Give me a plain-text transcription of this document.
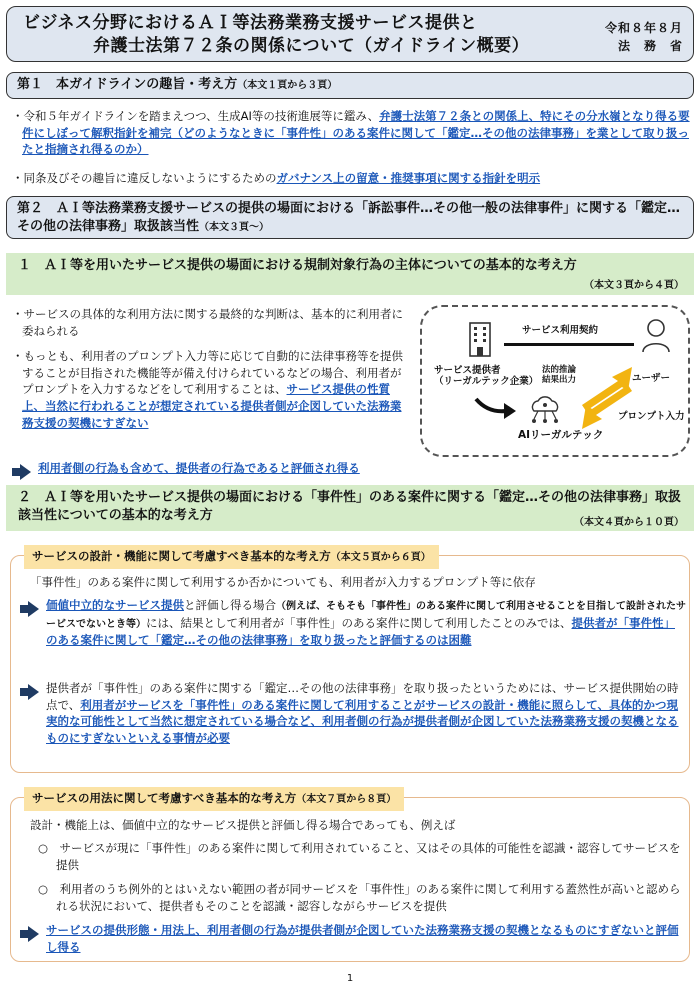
ビジネス分野におけるＡＩ等法務業務支援サービス提供と
弁護士法第７２条の関係について（ガイドライン概要）
令和８年８月
法　務　省
第１　本ガイドラインの趣旨・考え方（本文１頁から３頁）
・令和５年ガイドラインを踏まえつつ、生成AI等の技術進展等に鑑み、弁護士法第７２条との関係上、特にその分水嶺となり得る要件にしぼって解釈指針を補完（どのようなときに「事件性」のある案件に関して「鑑定…その他の法律事務」を業として取り扱ったと指摘され得るのか）
・同条及びその趣旨に違反しないようにするためのガバナンス上の留意・推奨事項に関する指針を明示
第２　ＡＩ等法務業務支援サービスの提供の場面における「訴訟事件…その他一般の法律事件」に関する「鑑定…その他の法律事務」取扱該当性（本文３頁〜）
１　ＡＩ等を用いたサービス提供の場面における規制対象行為の主体についての基本的な考え方
（本文３頁から４頁）
・サービスの具体的な利用方法に関する最終的な判断は、基本的に利用者に委ねられる
・もっとも、利用者のプロンプト入力等に応じて自動的に法律事務等を提供することが目指された機能等が備え付けられているなどの場合、利用者がプロンプトを入力するなどをして利用することは、サービス提供の性質上、当然に行われることが想定されている提供者側が企図していた法務業務支援の契機にすぎない
サービス利用契約
サービス提供者
（リーガルテック企業）
法的推論
結果出力	ユーザー
プロンプト入力
AIリーガルテック
利用者側の行為も含めて、提供者の行為であると評価され得る
２　ＡＩ等を用いたサービス提供の場面における「事件性」のある案件に関する「鑑定…その他の法律事務」取扱該当性についての基本的な考え方	（本文４頁から１０頁）
サービスの設計・機能に関して考慮すべき基本的な考え方（本文５頁から６頁）
「事件性」のある案件に関して利用するか否かについても、利用者が入力するプロンプト等に依存
価値中立的なサービス提供と評価し得る場合（例えば、そもそも「事件性」のある案件に関して利用させることを目指して設計されたサービスでないとき等）には、結果として利用者が「事件性」のある案件に関して利用したことのみでは、提供者が「事件性」のある案件に関して「鑑定…その他の法律事務」を取り扱ったと評価するのは困難
提供者が「事件性」のある案件に関する「鑑定…その他の法律事務」を取り扱ったというためには、サービス提供開始の時点で、利用者がサービスを「事件性」のある案件に関して利用することがサービスの設計・機能に照らして、具体的かつ現実的な可能性として当然に想定されている場合など、利用者側の行為が提供者側が企図していた法務業務支援の契機となるものにすぎないといえる事情が必要
サービスの用法に関して考慮すべき基本的な考え方（本文７頁から８頁）
設計・機能上は、価値中立的なサービス提供と評価し得る場合であっても、例えば
○　サービスが現に「事件性」のある案件に関して利用されていること、又はその具体的可能性を認識・認容してサービスを提供
○　利用者のうち例外的とはいえない範囲の者が同サービスを「事件性」のある案件に関して利用する蓋然性が高いと認められる状況において、提供者もそのことを認識・認容しながらサービスを提供
サービスの提供形態・用法上、利用者側の行為が提供者側が企図していた法務業務支援の契機となるものにすぎないと評価し得る
1
